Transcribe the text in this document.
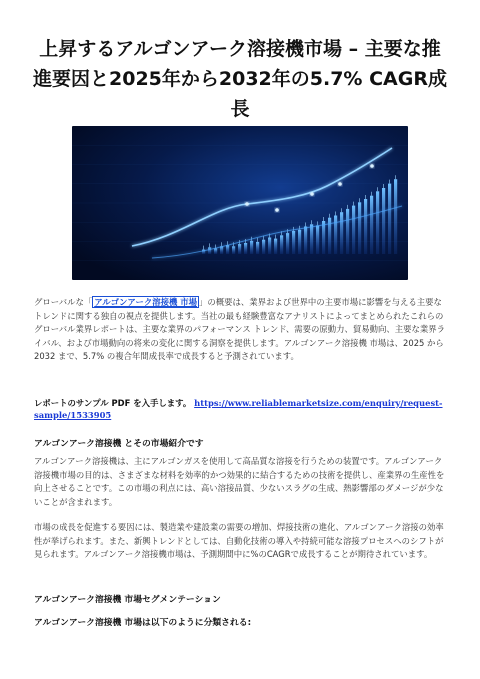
上昇するアルゴンアーク溶接機市場 – 主要な推進要因と2025年から2032年の5.7% CAGR成長
グローバルな「 アルゴンアーク溶接機 市場 」の概要は、業界および世界中の主要市場に影響を与える主要なトレンドに関する独自の視点を提供します。当社の最も経験豊富なアナリストによってまとめられたこれらのグローバル業界レポートは、主要な業界のパフォーマンス トレンド、需要の原動力、貿易動向、主要な業界ライバル、および市場動向の将来の変化に関する洞察を提供します。アルゴンアーク溶接機 市場は、2025 から 2032 まで、5.7% の複合年間成長率で成長すると予測されています。
レポートのサンプル PDF を入手します。 https://www.reliablemarketsize.com/enquiry/request-sample/1533905
アルゴンアーク溶接機 とその市場紹介です
アルゴンアーク溶接機は、主にアルゴンガスを使用して高品質な溶接を行うための装置です。アルゴンアーク溶接機市場の目的は、さまざまな材料を効率的かつ効果的に結合するための技術を提供し、産業界の生産性を向上させることです。この市場の利点には、高い溶接品質、少ないスラグの生成、熱影響部のダメージが少ないことが含まれます。
市場の成長を促進する要因には、製造業や建設業の需要の増加、焊接技術の進化、アルゴンアーク溶接の効率性が挙げられます。また、新興トレンドとしては、自動化技術の導入や持続可能な溶接プロセスへのシフトが見られます。アルゴンアーク溶接機市場は、予測期間中に%のCAGRで成長することが期待されています。
アルゴンアーク溶接機 市場セグメンテーション
アルゴンアーク溶接機 市場は以下のように分類される:
